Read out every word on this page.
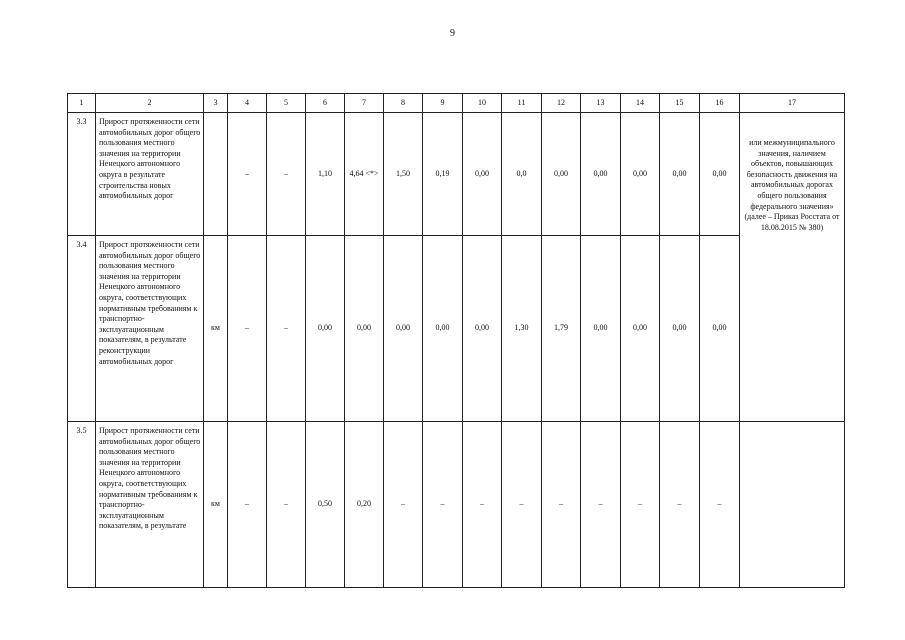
9
1	2	3	4	5	6	7	8	9	10	11	12	13	14	15	16	17
3.3	Прирост протяженности сети автомобильных дорог общего пользования местного значения на территории Ненецкого автономного округа в результате строительства новых автомобильных дорог		–	–	1,10	4,64 <*>	1,50	0,19	0,00	0,0	0,00	0,00	0,00	0,00	0,00	или межмуниципального значения, наличием объектов, повышающих безопасность движения на автомобильных дорогах общего пользования федерального значения» (далее – Приказ Росстата от 18.08.2015 № 380)
3.4	Прирост протяженности сети автомобильных дорог общего пользования местного значения на территории Ненецкого автономного округа, соответствующих нормативным требованиям к транспортно-эксплуатационным показателям, в результате реконструкции автомобильных дорог	км	–	–	0,00	0,00	0,00	0,00	0,00	1,30	1,79	0,00	0,00	0,00	0,00	
3.5	Прирост протяженности сети автомобильных дорог общего пользования местного значения на территории Ненецкого автономного округа, соответствующих нормативным требованиям к транспортно-эксплуатационным показателям, в результате	км	–	–	0,50	0,20	–	–	–	–	–	–	–	–	–	
